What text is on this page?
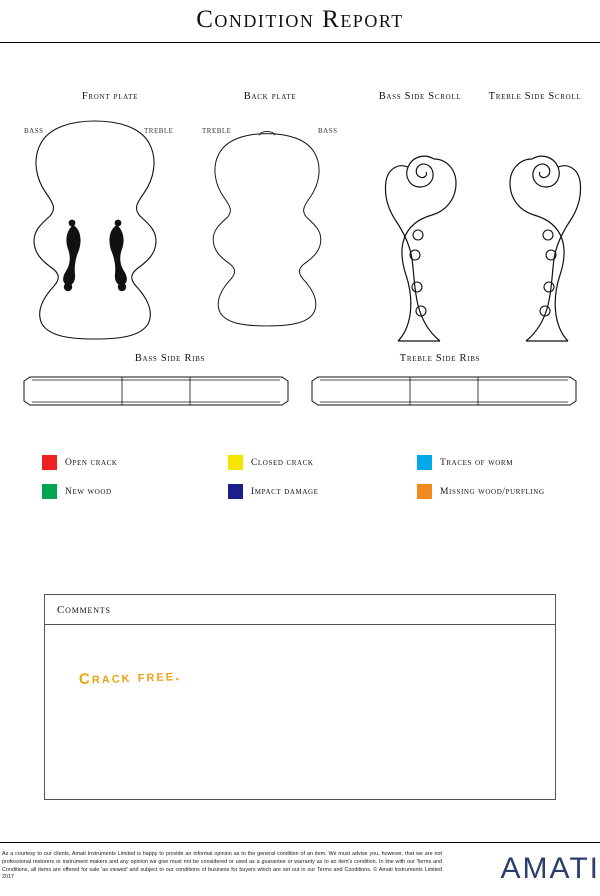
Condition Report
Front plate	Back plate	Bass Side Scroll	Treble Side Scroll
BASS	TREBLE	TREBLE	BASS
Bass Side Ribs	Treble Side Ribs
Open crack	Closed crack	Traces of worm
New wood	Impact damage	Missing wood/purfling
Comments
Crack free.
As a courtesy to our clients, Amati Instruments Limited is happy to provide an informal opinion as to the general condition of an item. We must advise you, however, that we are not professional restorers or instrument makers and any opinion we give must not be considered or used as a guarantee or warranty as to an item's condition. In line with our Terms and Conditions, all items are offered for sale 'as viewed' and subject to our conditions of business for buyers which are set out in our Terms and Conditions. © Amati Instruments Limited 2017	AMATI
